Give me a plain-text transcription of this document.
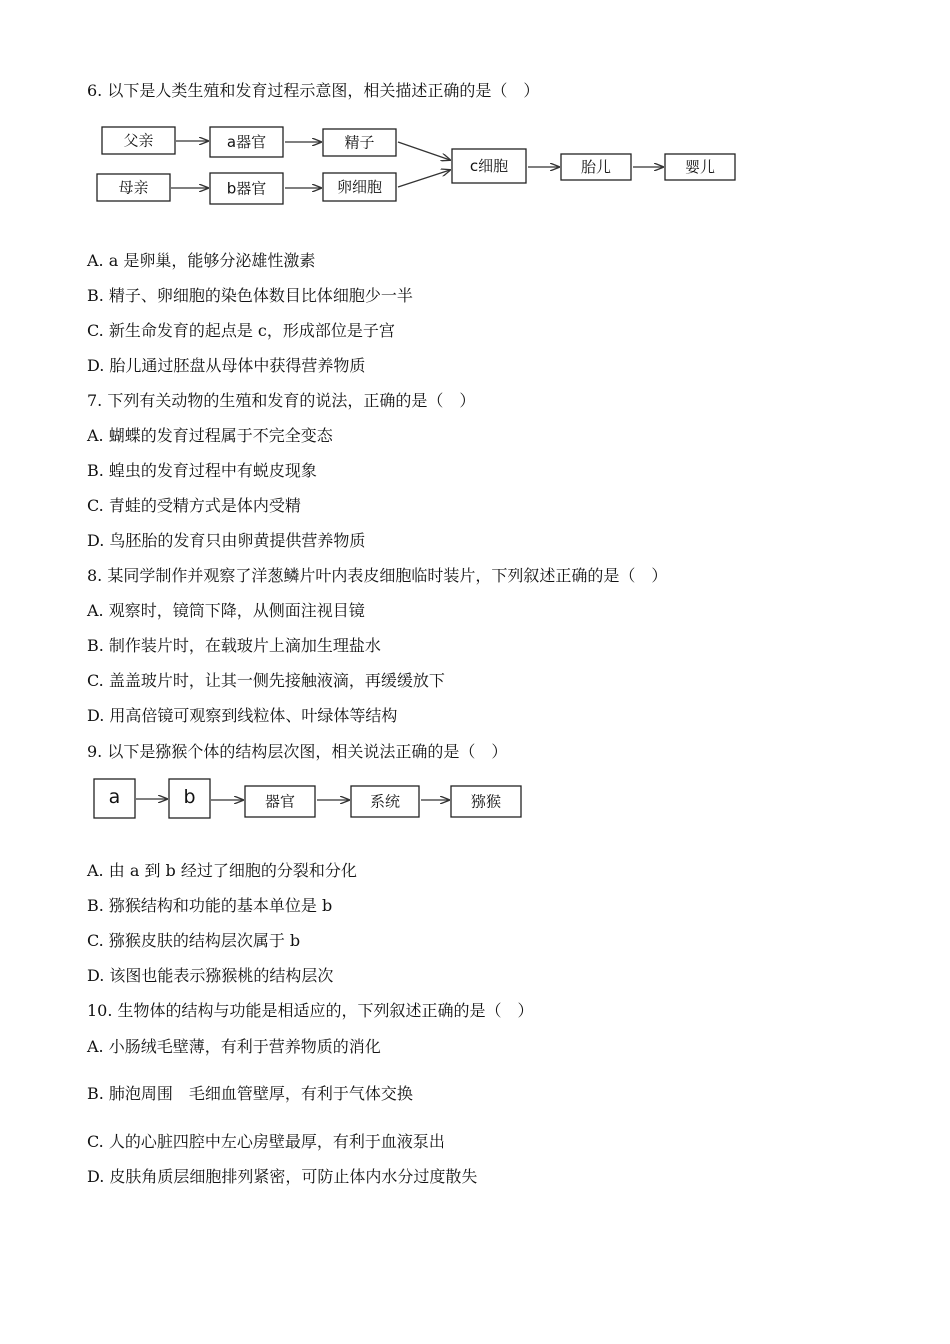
6. 以下是人类生殖和发育过程示意图，相关描述正确的是（　）
父亲
母亲
a器官
b器官
精子
卵细胞
c细胞	胎儿	婴儿
a	b	器官	系统	猕猴
A. a 是卵巢，能够分泌雄性激素
B. 精子、卵细胞的染色体数目比体细胞少一半
C. 新生命发育的起点是 c，形成部位是子宫
D. 胎儿通过胚盘从母体中获得营养物质
7. 下列有关动物的生殖和发育的说法，正确的是（　）
A. 蝴蝶的发育过程属于不完全变态
B. 蝗虫的发育过程中有蜕皮现象
C. 青蛙的受精方式是体内受精
D. 鸟胚胎的发育只由卵黄提供营养物质
8. 某同学制作并观察了洋葱鳞片叶内表皮细胞临时装片，下列叙述正确的是（　）
A. 观察时，镜筒下降，从侧面注视目镜
B. 制作装片时，在载玻片上滴加生理盐水
C. 盖盖玻片时，让其一侧先接触液滴，再缓缓放下
D. 用高倍镜可观察到线粒体、叶绿体等结构
9. 以下是猕猴个体的结构层次图，相关说法正确的是（　）
A. 由 a 到 b 经过了细胞的分裂和分化
B. 猕猴结构和功能的基本单位是 b
C. 猕猴皮肤的结构层次属于 b
D. 该图也能表示猕猴桃的结构层次
10. 生物体的结构与功能是相适应的，下列叙述正确的是（　）
A. 小肠绒毛壁薄，有利于营养物质的消化
B. 肺泡周围　毛细血管壁厚，有利于气体交换
C. 人的心脏四腔中左心房壁最厚，有利于血液泵出
D. 皮肤角质层细胞排列紧密，可防止体内水分过度散失
